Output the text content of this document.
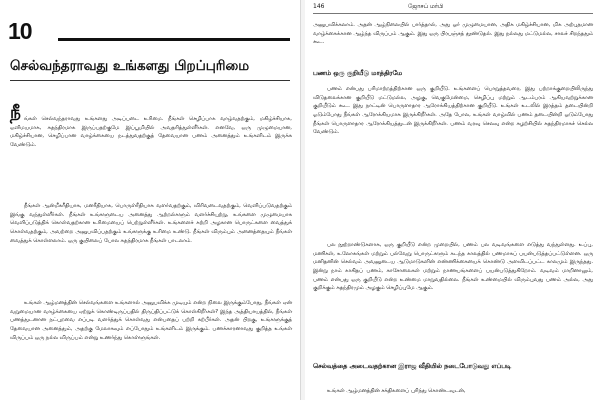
10
செல்வந்தராவது உங்களது பிறப்புரிமை
நீ ங்கள் செல்வந்தராவது உங்களது அடிப்படை உரிமை. நீங்கள் செழிப்பாக வாழ்வதற்கும், மகிழ்ச்சியாக, ஒளிமயமாக, சுதந்திரமாக இருப்பதற்குமே இப்பூமியில் அவதரித்துள்ளீர்கள். எனவே, ஒரு முழுமையான, மகிழ்ச்சியான, செழிப்பான வாழ்க்கையை நடத்துவதற்குத் தேவையான பணம் அனைத்தும் உங்களிடம் இருக்க வேண்டும்.

நீங்கள் ஆன்மீகரீதியாக, மனரீதியாக, பொருள்ரீதியாக வளர்வதற்கும், விரிவடைவதற்கும், வெளிப்படுவதற்கும் இங்கு வந்துள்ளீர்கள். நீங்கள் உங்களுடைய அனைத்து ஆற்றல்களும் வளர்ச்சியுற்று, உங்களை முழுமையாக வெளிப்படுத்திக் கொள்வதற்கான உரிமையைப் பெற்றுள்ளீர்கள். உங்களைச் சுற்றி அழகான பொருட்களை வைத்துக் கொள்வதற்கும், அவற்றை அனுபவிப்பதற்கும் உங்களுக்கு உரிமை உண்டு. நீங்கள் விரும்பும் அனைத்தையும் நீங்கள் வைத்துக் கொள்ளலாம். ஒரு குயிலைப் போல சுதந்திரமாக நீங்கள் பாடலாம்.

உங்கள் ஆழ்மனத்தின் செல்வங்களை உங்களால் அனுபவிக்க முடியும் என்ற நிலை இருக்கும்போது, நீங்கள் ஏன் வறுமையான வாழ்க்கையை ஏற்றுக் கொண்டிருப்பதில் திருப்திப்பட்டுக் கொள்கிறீர்கள்? இந்த அத்தியாயத்தில், நீங்கள் பணத்துடனான நட்புறவை எப்படி வளர்த்துக் கொள்வது என்பதைப் பற்றி கற்பீர்கள். அதன் பிறகு, உங்களுக்குத் தேவையான அனைத்தும், அதற்கு மேலாகவும் எப்போதும் உங்களிடம் இருக்கும். பணக்காரனாவது குறித்த உங்கள் விருப்பம் ஒரு நல்ல விருப்பம் என்று உணர்ந்து கொள்ளுங்கள்.

146	ஜோசப் மர்பி

அனுபவிக்கலாம். அதன் ஆழ்நிலையில் பார்த்தால், அது ஓர் முழுமையான, அதிக மகிழ்ச்சியான, மிக அற்புதமான வாழ்க்கைக்கான ஆழ்ந்த விருப்பம் ஆகும். இது ஒரு பிரபஞ்சத் தூண்டுதல். இது நல்லது மட்டுமல்ல, சாலச் சிறந்ததும் கூட.

பணம் ஒரு குறியீடு மாத்திரமே

பணம் என்பது பரிமாற்றத்திற்கான ஒரு குறியீடு. உங்களைப் பொறுத்தவரை, இது பற்றாக்குறையிலிருந்து விடுதலைக்கான குறியீடு மட்டுமல்ல, அழகு, வெகுமேன்மை, செழிப்பு மற்றும் ஆடம்பரம் ஆகியவற்றுக்கான குறியீடும் கூட. இது நாட்டின் பொருளாதார ஆரோக்கியத்திற்கான குறியீடு. உங்கள் உடலில் இரத்தம் தடையின்றி ஓடும்போது நீங்கள் ஆரோக்கியமாக இருக்கிறீர்கள். அதே போல, உங்கள் வாழ்வில் பணம் தடையின்றி ஓடும்போது நீங்கள் பொருளாதார ஆரோக்கியத்துடன் இருக்கிறீர்கள். பணம் வரவு செலவு என்ற சுழற்சியில் சுதந்திரமாகச் செல்ல வேண்டும்.

பல நூற்றாண்டுகளாக, ஒரு குறியீடு என்ற முறையில், பணம் பல வடிவங்களை எடுத்து வந்துள்ளது. உப்பு, மணிகள், உலோகங்கள் மற்றும் பல்வேறு பொருட்களும் கடந்த காலத்தில் பணமாகப் பயன்படுத்தப்பட்டுள்ளன. ஒரு மனிதனின் செல்வம் அவனுடைய ஆடுமாடுகளின் எண்ணிக்கையைக் கொண்டு அளவிடப்பட்ட காலமும் இருந்தது. இன்று நாம் காகிதப் பணம், காசோலைகள் மற்றும் நாணயங்களைப் பயன்படுத்துகிறோம். வடிவம் மாறினாலும், பணம் என்பது ஒரு குறியீடு என்ற உண்மை மாறுவதில்லை. நீங்கள் உண்மையில் விரும்புவது பணம் அல்ல, அது குறிக்கும் சுதந்திரமும் அழகும் செழிப்புமே ஆகும்.

செல்வத்தை அடைவதற்கான இராஜ வீதியில் நடைபோடுவது எப்படி

உங்கள் ஆழ்மனத்தின் சக்திகளைப் புரிந்து கொண்டவுடன்,
